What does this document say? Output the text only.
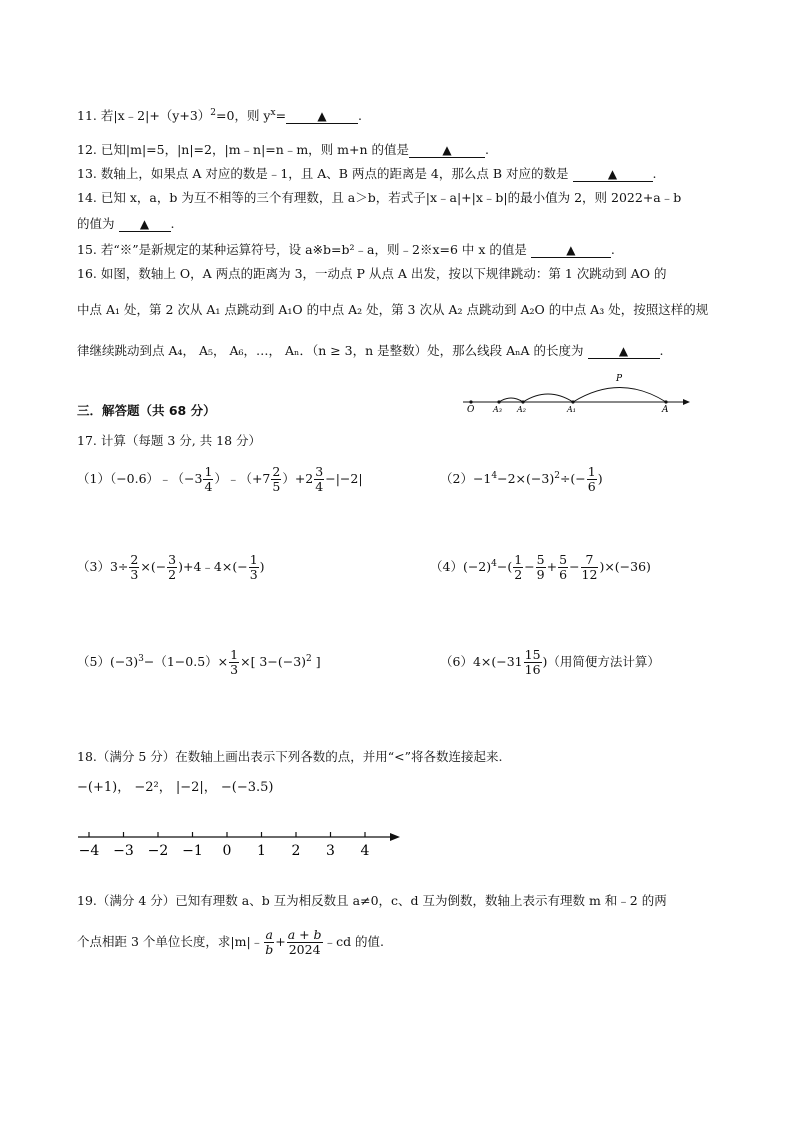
11. 若$|x﹣2|+(y+3)^2=0$，则 $y^x=$	▲	.
12. 已知|m|=5，|n|=2，|m﹣n|=n﹣m，则 m+n 的值是	▲	.
13. 数轴上，如果点 A 对应的数是﹣1，且 A、B 两点的距离是 4，那么点 B 对应的数是	▲	.
14. 已知 x，a，b 为互不相等的三个有理数，且 a＞b，若式子|x﹣a|+|x﹣b|的最小值为 2，则 2022+a﹣b
的值为 ▲ .
15. 若“※”是新规定的某种运算符号，设 a※b=b²﹣a，则﹣2※x=6 中 x 的值是	▲	.
16. 如图，数轴上 O，A 两点的距离为 3，一动点 P 从点 A 出发，按以下规律跳动：第 1 次跳动到 AO 的
中点 A₁ 处，第 2 次从 A₁ 点跳动到 A₁O 的中点 A₂ 处，第 3 次从 A₂ 点跳动到 A₂O 的中点 A₃ 处，按照这样的规
律继续跳动到点 A₄， A₅， A₆，…， Aₙ．（n ≥ 3，n 是整数）处，那么线段 AₙA 的长度为	▲	.
O A₃ A₂	A₁	A
P
三．解答题（共 68 分）
17. 计算（每题 3 分, 共 18 分）
（1）（−0.6）﹣（−3 $\frac{1}{4}$ ）﹣（+7 $\frac{2}{5} )+2 \frac{3}{4} -|-2|$	$(2)-1^4-2\times(-3)^2\div(- \frac{1}{6}$ )
$(3)3\div \frac{2}{3}$ ×(− $\frac{3}{2}$ )+4﹣4×(− $\frac{1}{3}$ )	$(4)(-2)^4-( \frac{1}{2} - \frac{5}{9} + \frac{5}{6} - \frac{7}{12} )\times(-36)$
$(5)(-3)^3-(1-0.5)\times \frac{1}{3}$ ×[ $3-(-3)^2$ ]	$(6)4\times(-31 \frac{15}{16}$ )（用简便方法计算）
18.（满分 5 分）在数轴上画出表示下列各数的点，并用“<”将各数连接起来.
−(+1)， −2²， |−2|， −(−3.5)
−4 −3 −2 −1 0 1 2 3 4
19.（满分 4 分）已知有理数 a、b 互为相反数且 a≠0，c、d 互为倒数，数轴上表示有理数 m 和﹣2 的两
个点相距 3 个单位长度，求|m|﹣ $\frac{a}{b} + \frac{a + b}{2024}$ ﹣cd 的值.
